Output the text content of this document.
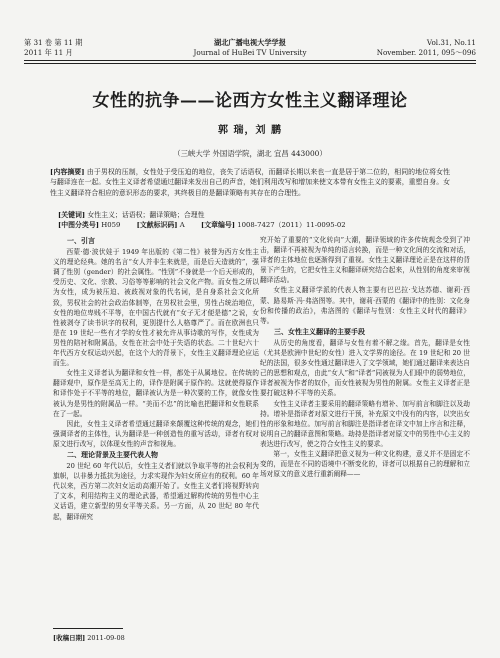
第 31 卷 第 11 期
2011 年 11 月
湖北广播电视大学学报
Journal of HuBei TV University
Vol.31, No.11
November. 2011, 095～096
女性的抗争——论西方女性主义翻译理论
郭 瑞，刘 鹏
（三峡大学 外国语学院，湖北 宜昌 443000）
[内容摘要] 由于男权的压制，女性处于受压迫的地位，丧失了话语权，而翻译长期以来也一直是居于第二位的，相同的地位将女性与翻译连在一起。女性主义译者希望通过翻译来发出自己的声音，她们利用改写和增加来使文本带有女性主义的要素，重塑自身。女性主义翻译符合相应的意识形态的要求，其终极目的是翻译策略有其存在的合理性。
[关键词] 女性主义；话语权；翻译策略；合理性
[中图分类号] H059 [文献标识码] A [文章编号] 1008-7427（2011）11-0095-02
一、引言

西蒙·德·波伏娃于 1949 年出版的《第二性》被誉为西方女性主义的理论经典。她的名言“女人并非生来就是，而是后天造就的”，强调了性别（gender）的社会属性。“性别”不身就是一个后天形成的，受历史、文化、宗教、习俗等等影响的社会文化产物。而女性之所以为女性，成为被压迫、被歧视对象的代名词，是自身系社会文化所致，男权社会的社会政治体制等，在男权社会里，男性占统治地位，女性的地位卑贱不平等，在中国古代就有“女子无才便是德”之说，女性被剥夺了读书识字的权利，更别提什么人格尊严了。而在欧洲也只是在 19 世纪一些有才学的女性才被允许从事诗歌的写作，女性成为男性的陪衬和附属品，女性在社会中处于失语的状态。二十世纪六十年代西方女权运动兴起，在这个大的背景下，女性主义翻译理论应运而生。

女性主义译者认为翻译和女性一样，都处于从属地位。在传统的翻译观中，原作是至高无上的，译作是附属于原作的。这就使得原作和译作处于不平等的地位，翻译被认为是一种次要的工作，就像女性被认为是男性的附属品一样。“美而不忠”的比喻也把翻译和女性联系在了一起。

因此，女性主义译者希望通过翻译来颠覆这种传统的观念，她们强调译者的主体性，认为翻译是一种创造性的重写活动，译者有权对原文进行改写，以体现女性的声音和视角。

二、理论背景及主要代表人物

20 世纪 60 年代以后，女性主义者们就以争取平等的社会权利为旗帜，以非暴力抵抗为途径，力求实现作为妇女所应有的权利。60 年代以来，西方第二次妇女运动高潮开始了。女性主义者们将视野转向了文本，利用结构主义的理论武器，希望通过解构传统的男性中心主义话语，建立新型的男女平等关系。另一方面，从 20 世纪 80 年代起，翻译研究

究开始了重要的“文化转向”大潮，翻译领域的许多传统观念受到了冲击，翻译不再被视为单纯的语言转换，而是一种文化间的交流和对话，译者的主体地位也逐渐得到了重视。女性主义翻译理论正是在这样的背景下产生的，它把女性主义和翻译研究结合起来，从性别的角度来审视翻译活动。

女性主义翻译学派的代表人物主要有巴巴拉·戈达苏德、谢莉·西蒙、路易斯·冯·弗洛图等。其中，谢莉·西蒙的《翻译中的性别：文化身份和传播的政治》，弗洛图的《翻译与性别：女性主义时代的翻译》等。

三、女性主义翻译的主要手段

从历史的角度看，翻译与女性有着不解之缘。首先，翻译是女性（尤其是欧洲中世纪的女性）进入文学界的途径。在 19 世纪和 20 世纪的法国，很多女性通过翻译进入了文学领域，她们通过翻译来表达自己的思想和观点，由此“女人”和“译者”同被视为人们眼中的弱势地位，译者被视为作者的奴仆，而女性被视为男性的附属。女性主义译者正是要打破这种不平等的关系。

女性主义译者主要采用的翻译策略有增补、加写前言和脚注以及劫持。增补是指译者对原文进行干预，补充原文中没有的内容，以突出女性的形象和地位。加写前言和脚注是指译者在译文中加上序言和注释，说明自己的翻译意图和策略。劫持是指译者对原文中的男性中心主义的表达进行改写，使之符合女性主义的要求。

第一，女性主义翻译把意义视为一种文化构建，意义并不是固定不变的，而是在不同的语境中不断变化的，译者可以根据自己的理解和立场对原文的意义进行重新阐释——

[收稿日期] 2011-09-08
